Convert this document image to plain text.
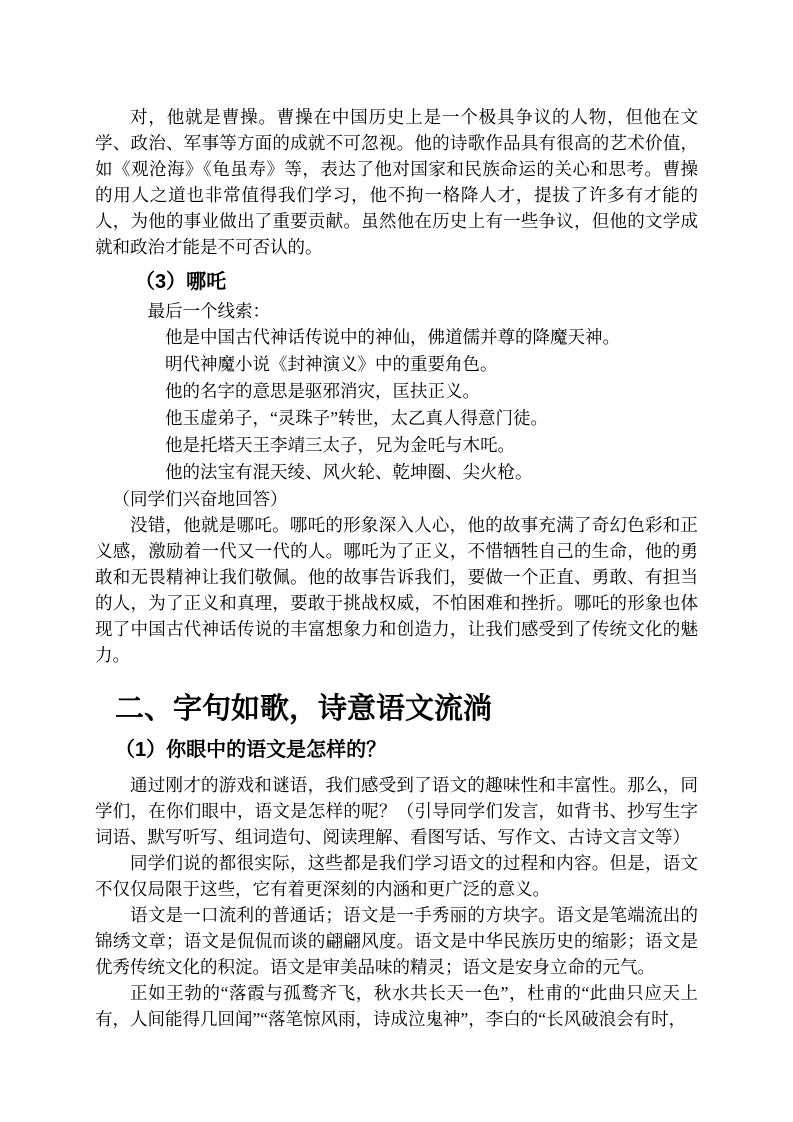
对，他就是曹操。曹操在中国历史上是一个极具争议的人物，但他在文学、政治、军事等方面的成就不可忽视。他的诗歌作品具有很高的艺术价值，如《观沧海》《龟虽寿》等，表达了他对国家和民族命运的关心和思考。曹操的用人之道也非常值得我们学习，他不拘一格降人才，提拔了许多有才能的人，为他的事业做出了重要贡献。虽然他在历史上有一些争议，但他的文学成就和政治才能是不可否认的。

（3）哪吒

最后一个线索：

他是中国古代神话传说中的神仙，佛道儒并尊的降魔天神。
明代神魔小说《封神演义》中的重要角色。
他的名字的意思是驱邪消灾，匡扶正义。
他玉虚弟子，“灵珠子”转世，太乙真人得意门徒。
他是托塔天王李靖三太子，兄为金吒与木吒。
他的法宝有混天绫、风火轮、乾坤圈、尖火枪。

（同学们兴奋地回答）

没错，他就是哪吒。哪吒的形象深入人心，他的故事充满了奇幻色彩和正义感，激励着一代又一代的人。哪吒为了正义，不惜牺牲自己的生命，他的勇敢和无畏精神让我们敬佩。他的故事告诉我们，要做一个正直、勇敢、有担当的人，为了正义和真理，要敢于挑战权威，不怕困难和挫折。哪吒的形象也体现了中国古代神话传说的丰富想象力和创造力，让我们感受到了传统文化的魅力。

二、字句如歌，诗意语文流淌
（1）你眼中的语文是怎样的？

通过刚才的游戏和谜语，我们感受到了语文的趣味性和丰富性。那么，同学们，在你们眼中，语文是怎样的呢？（引导同学们发言，如背书、抄写生字词语、默写听写、组词造句、阅读理解、看图写话、写作文、古诗文言文等）

同学们说的都很实际，这些都是我们学习语文的过程和内容。但是，语文不仅仅局限于这些，它有着更深刻的内涵和更广泛的意义。

语文是一口流利的普通话；语文是一手秀丽的方块字。语文是笔端流出的锦绣文章；语文是侃侃而谈的翩翩风度。语文是中华民族历史的缩影；语文是优秀传统文化的积淀。语文是审美品味的精灵；语文是安身立命的元气。

正如王勃的“落霞与孤鹜齐飞，秋水共长天一色”，杜甫的“此曲只应天上有，人间能得几回闻”“落笔惊风雨，诗成泣鬼神”，李白的“长风破浪会有时，
